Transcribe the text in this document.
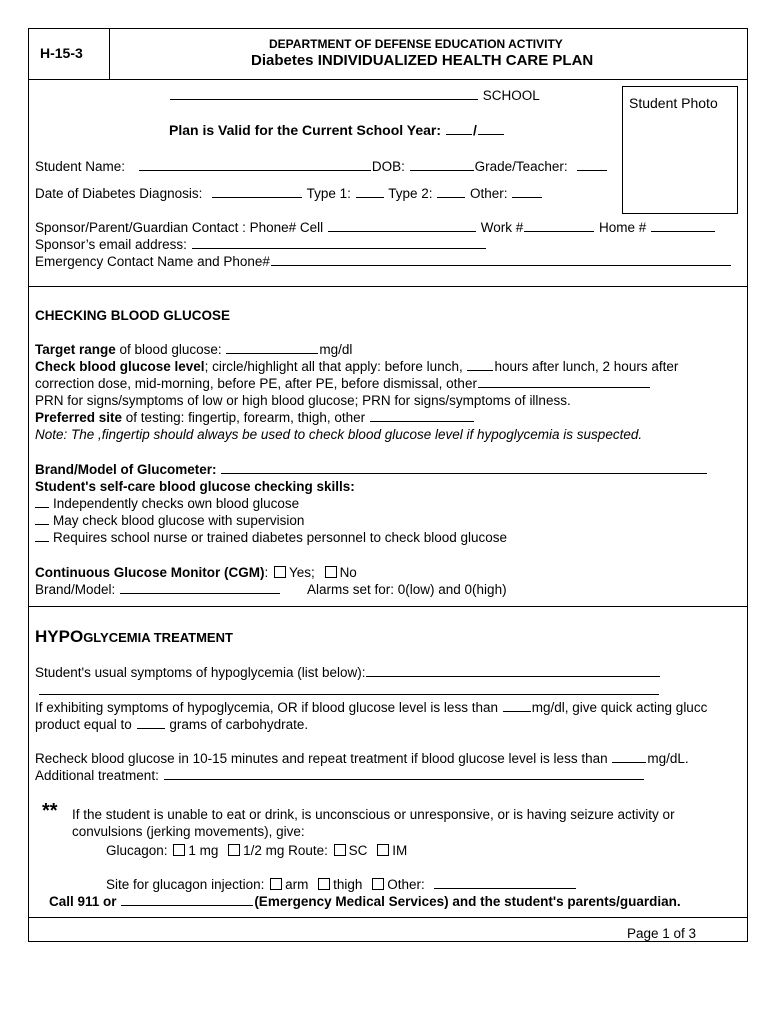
H-15-3
DEPARTMENT OF DEFENSE EDUCATION ACTIVITY
Diabetes INDIVIDUALIZED HEALTH CARE PLAN
Student Photo
SCHOOL
Plan is Valid for the Current School Year: /
Student Name:	DOB:	Grade/Teacher:
Date of Diabetes Diagnosis:	Type 1:	Type 2:	Other:
Sponsor/Parent/Guardian Contact : Phone# Cell	Work #	Home #
Sponsor’s email address:
Emergency Contact Name and Phone#
CHECKING BLOOD GLUCOSE
Target range of blood glucose:	mg/dl
Check blood glucose level; circle/highlight all that apply: before lunch, hours after lunch, 2 hours after
correction dose, mid-morning, before PE, after PE, before dismissal, other
PRN for signs/symptoms of low or high blood glucose; PRN for signs/symptoms of illness.
Preferred site of testing: fingertip, forearm, thigh, other
Note: The ,fingertip should always be used to check blood glucose level if hypoglycemia is suspected.
Brand/Model of Glucometer:
Student's self-care blood glucose checking skills:
Independently checks own blood glucose
May check blood glucose with supervision
Requires school nurse or trained diabetes personnel to check blood glucose
Continuous Glucose Monitor (CGM): Yes; No
Brand/Model:	Alarms set for: 0(low) and 0(high)
HYPOGLYCEMIA TREATMENT
Student's usual symptoms of hypoglycemia (list below):
If exhibiting symptoms of hypoglycemia, OR if blood glucose level is less than	mg/dl, give quick acting glucc
product equal to	grams of carbohydrate.
Recheck blood glucose in 10-15 minutes and repeat treatment if blood glucose level is less than	mg/dL.
Additional treatment:
** If the student is unable to eat or drink, is unconscious or unresponsive, or is having seizure activity or
convulsions (jerking movements), give:
Glucagon: 1 mg 1/2 mg Route: SC IM
Site for glucagon injection: arm thigh Other:
Call 911 or	(Emergency Medical Services) and the student's parents/guardian.
Page 1 of 3
